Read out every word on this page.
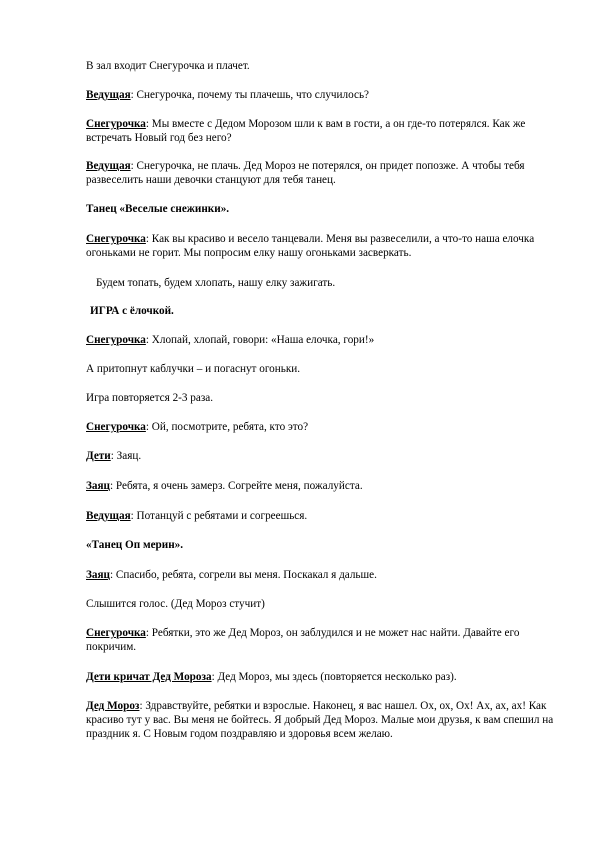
В зал входит Снегурочка и плачет.

Ведущая: Снегурочка, почему ты плачешь, что случилось?

Снегурочка: Мы вместе с Дедом Морозом шли к вам в гости, а он где-то потерялся. Как же встречать Новый год без него?

Ведущая: Снегурочка, не плачь. Дед Мороз не потерялся, он придет попозже. А чтобы тебя развеселить наши девочки станцуют для тебя танец.

Танец «Веселые снежинки».

Снегурочка: Как вы красиво и весело танцевали. Меня вы развеселили, а что-то наша елочка огоньками не горит. Мы попросим елку нашу огоньками засверкать.

Будем топать, будем хлопать, нашу елку зажигать.

ИГРА с ёлочкой.

Снегурочка: Хлопай, хлопай, говори: «Наша елочка, гори!»

А притопнут каблучки – и погаснут огоньки.

Игра повторяется 2-3 раза.

Снегурочка: Ой, посмотрите, ребята, кто это?

Дети: Заяц.

Заяц: Ребята, я очень замерз. Согрейте меня, пожалуйста.

Ведущая: Потанцуй с ребятами и согреешься.

«Танец Оп мерин».

Заяц: Спасибо, ребята, согрели вы меня. Поскакал я дальше.

Слышится голос. (Дед Мороз стучит)

Снегурочка: Ребятки, это же Дед Мороз, он заблудился и не может нас найти. Давайте его покричим.

Дети кричат Дед Мороза: Дед Мороз, мы здесь (повторяется несколько раз).

Дед Мороз: Здравствуйте, ребятки и взрослые. Наконец, я вас нашел. Ох, ох, Ох! Ах, ах, ах! Как красиво тут у вас. Вы меня не бойтесь. Я добрый Дед Мороз. Малые мои друзья, к вам спешил на праздник я. С Новым годом поздравляю и здоровья всем желаю.
